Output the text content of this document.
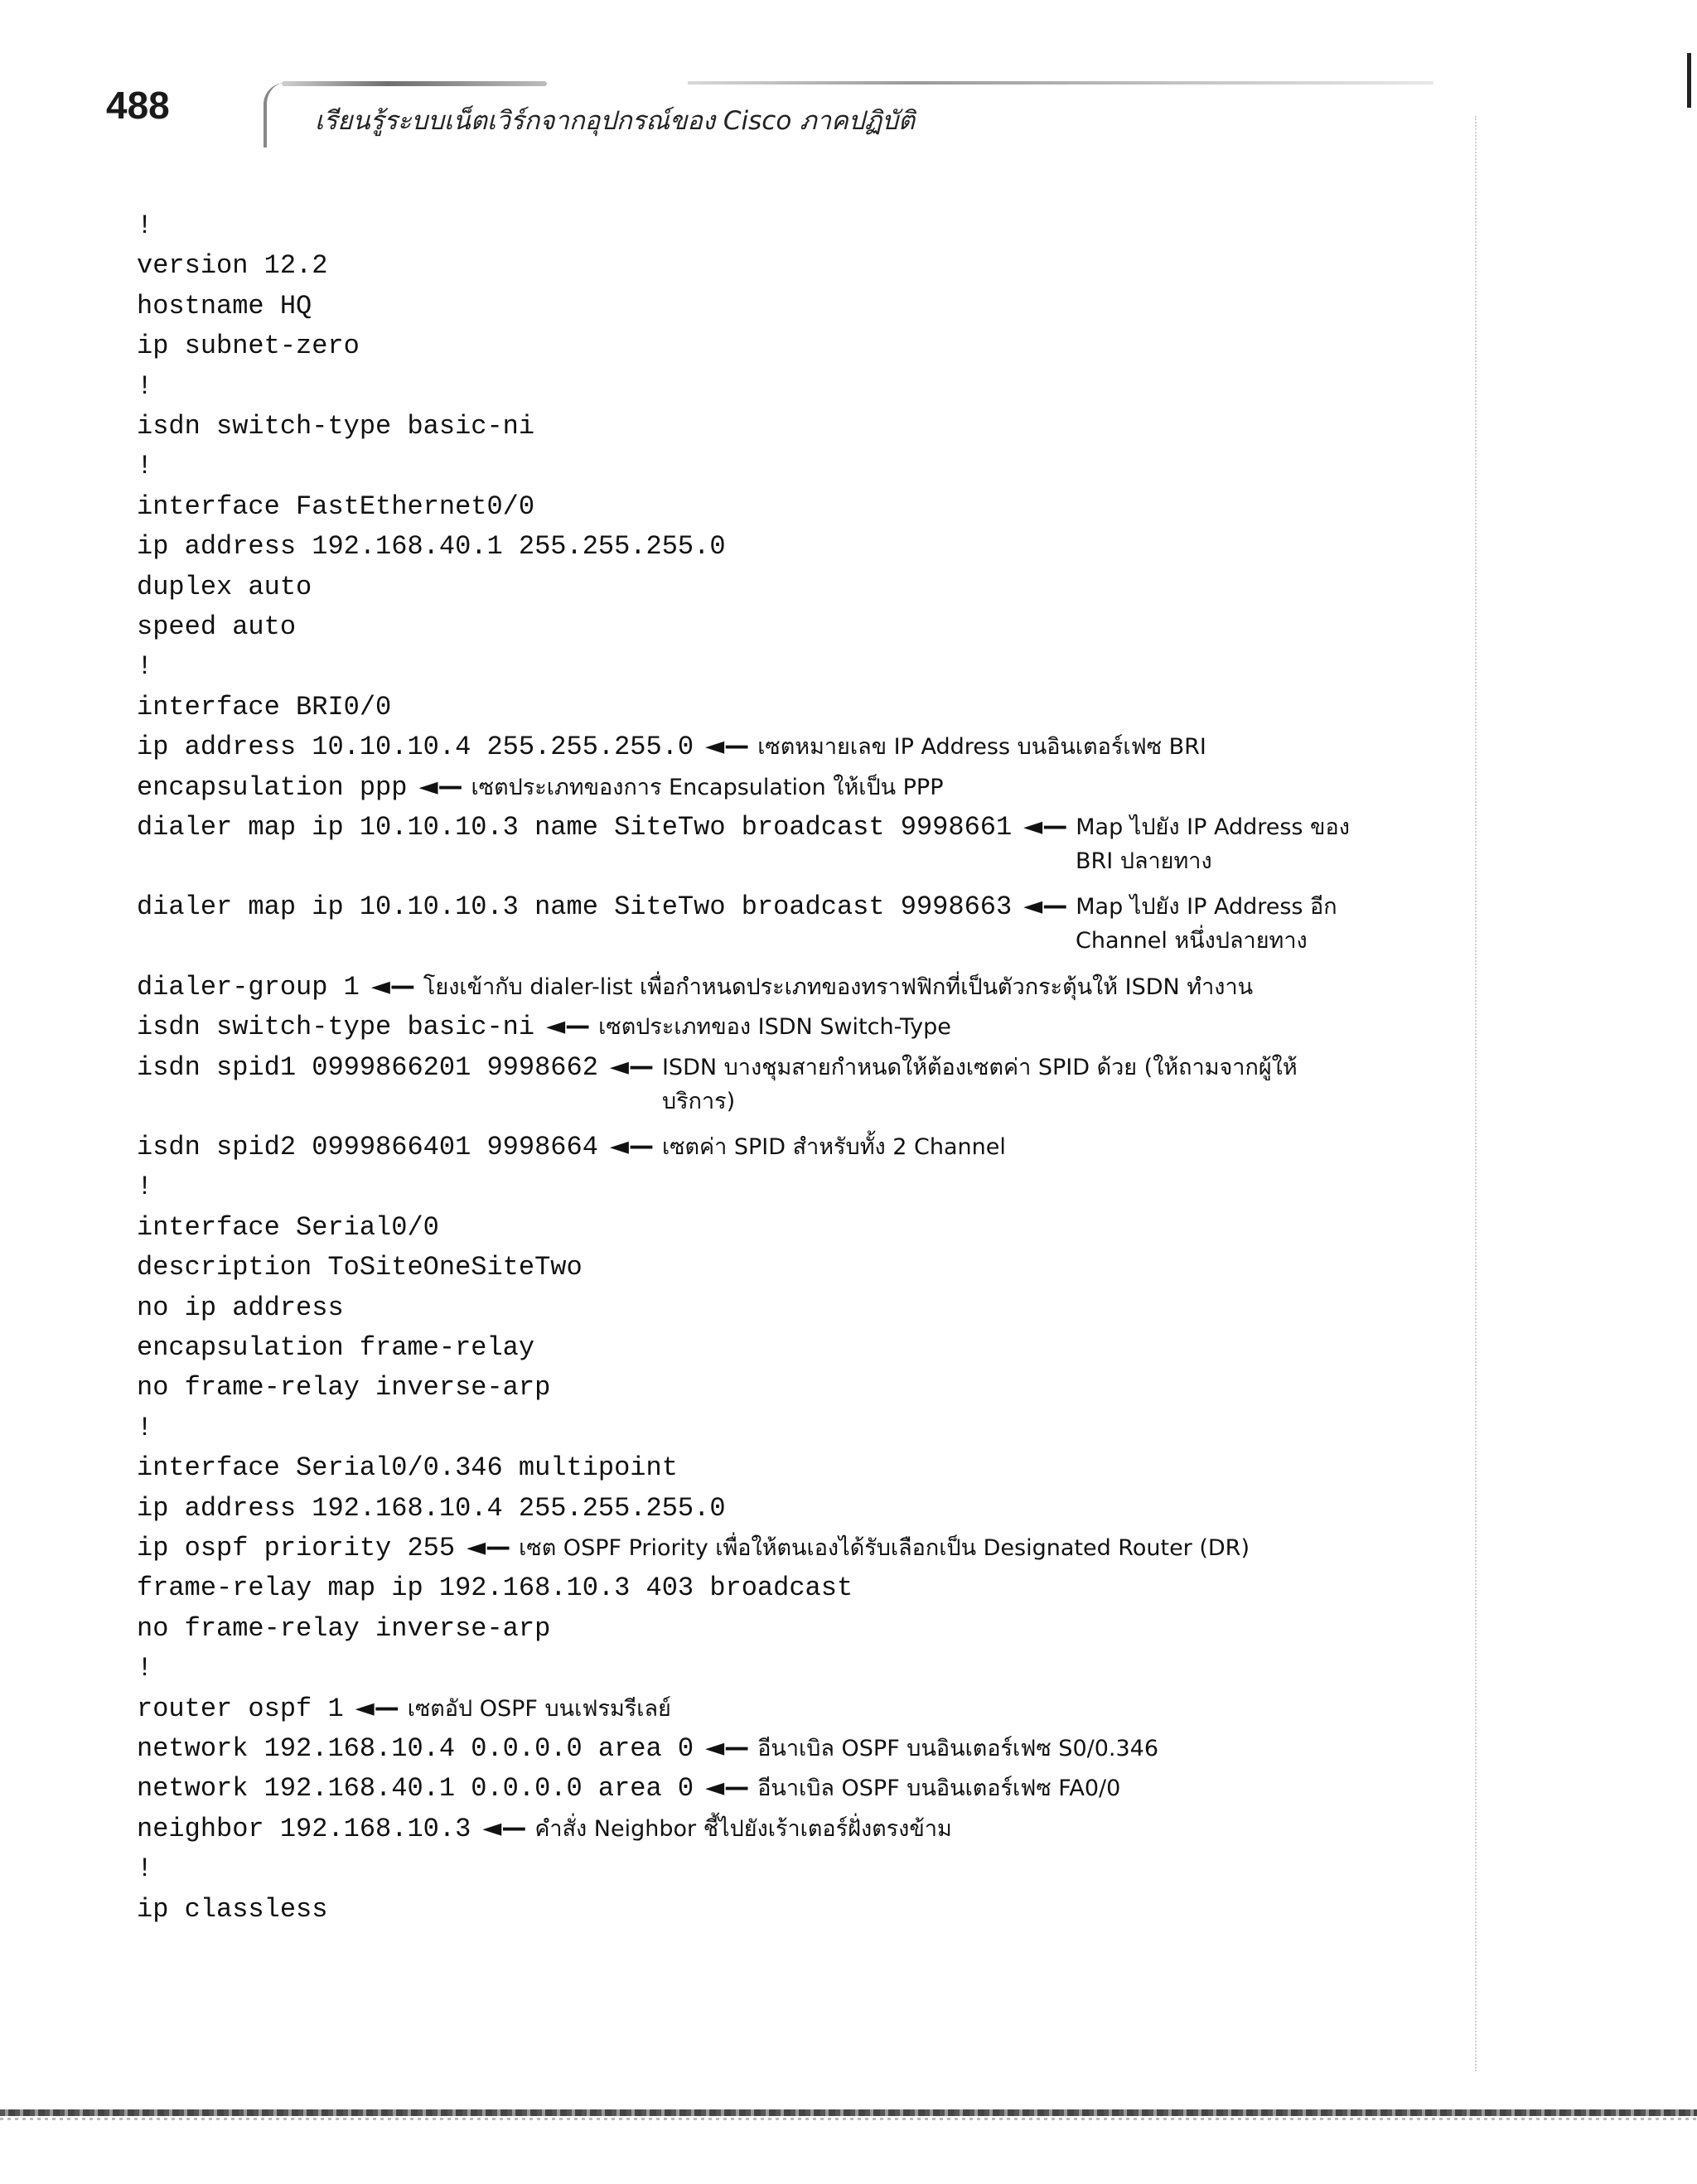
488	เรียนรู้ระบบเน็ตเวิร์กจากอุปกรณ์ของ Cisco ภาคปฏิบัติ
!
version 12.2
hostname HQ
ip subnet-zero
!
isdn switch-type basic-ni
!
interface FastEthernet0/0
ip address 192.168.40.1 255.255.255.0
duplex auto
speed auto
!
interface BRI0/0
ip address 10.10.10.4 255.255.255.0 ◄— เซตหมายเลข IP Address บนอินเตอร์เฟซ BRI
encapsulation ppp ◄— เซตประเภทของการ Encapsulation ให้เป็น PPP
dialer map ip 10.10.10.3 name SiteTwo broadcast 9998661 ◄— Map ไปยัง IP Address ของ
BRI ปลายทาง
dialer map ip 10.10.10.3 name SiteTwo broadcast 9998663 ◄— Map ไปยัง IP Address อีก
Channel หนึ่งปลายทาง
dialer-group 1 ◄— โยงเข้ากับ dialer-list เพื่อกำหนดประเภทของทราฟฟิกที่เป็นตัวกระตุ้นให้ ISDN ทำงาน
isdn switch-type basic-ni ◄— เซตประเภทของ ISDN Switch-Type
isdn spid1 0999866201 9998662 ◄— ISDN บางชุมสายกำหนดให้ต้องเซตค่า SPID ด้วย (ให้ถามจากผู้ให้
บริการ)
isdn spid2 0999866401 9998664 ◄— เซตค่า SPID สำหรับทั้ง 2 Channel
!
interface Serial0/0
description ToSiteOneSiteTwo
no ip address
encapsulation frame-relay
no frame-relay inverse-arp
!
interface Serial0/0.346 multipoint
ip address 192.168.10.4 255.255.255.0
ip ospf priority 255 ◄— เซต OSPF Priority เพื่อให้ตนเองได้รับเลือกเป็น Designated Router (DR)
frame-relay map ip 192.168.10.3 403 broadcast
no frame-relay inverse-arp
!
router ospf 1 ◄— เซตอัป OSPF บนเฟรมรีเลย์
network 192.168.10.4 0.0.0.0 area 0 ◄— อีนาเบิล OSPF บนอินเตอร์เฟซ S0/0.346
network 192.168.40.1 0.0.0.0 area 0 ◄— อีนาเบิล OSPF บนอินเตอร์เฟซ FA0/0
neighbor 192.168.10.3 ◄— คำสั่ง Neighbor ชี้ไปยังเร้าเตอร์ฝั่งตรงข้าม
!
ip classless
